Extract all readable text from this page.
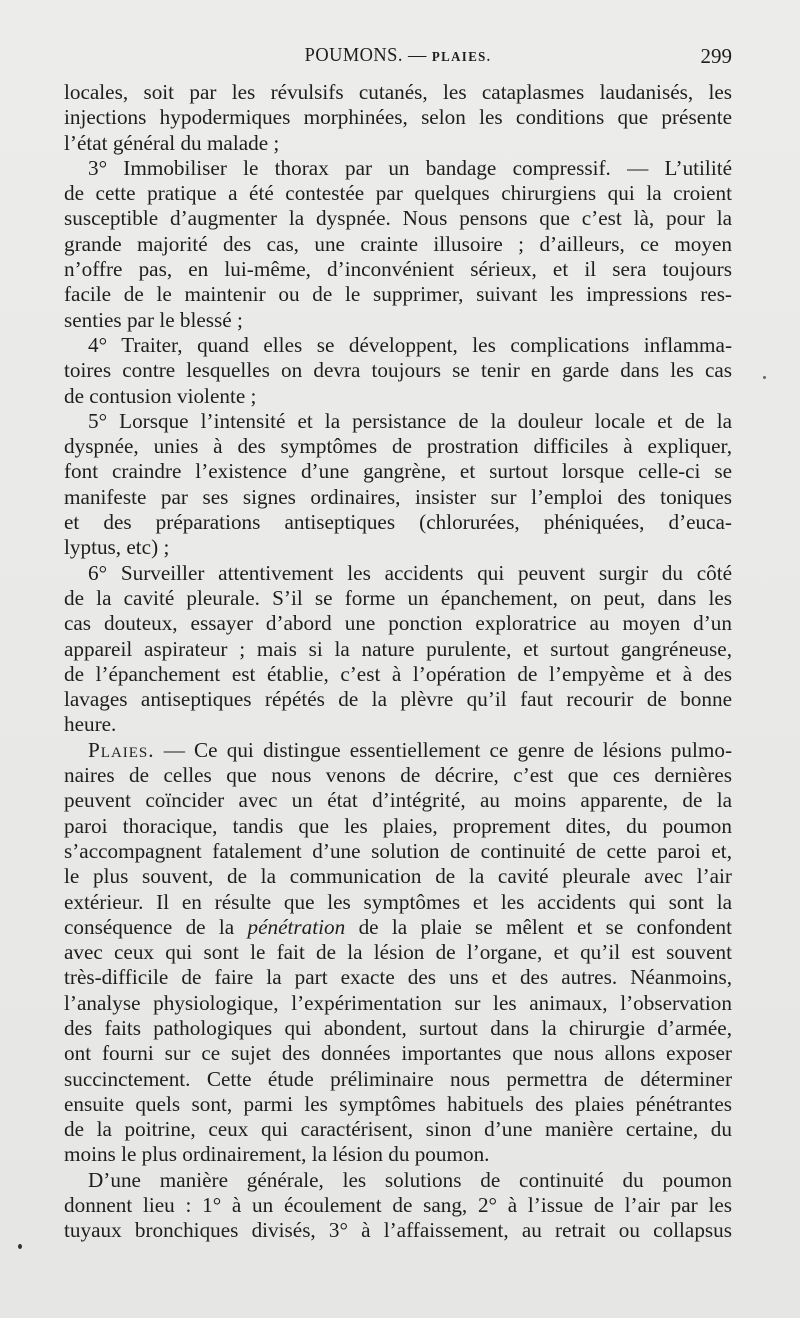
POUMONS. — PLAIES.	299
locales, soit par les révulsifs cutanés, les cataplasmes laudanisés, les
injections hypodermiques morphinées, selon les conditions que présente
l’état général du malade ;
3° Immobiliser le thorax par un bandage compressif. — L’utilité
de cette pratique a été contestée par quelques chirurgiens qui la croient
susceptible d’augmenter la dyspnée. Nous pensons que c’est là, pour la
grande majorité des cas, une crainte illusoire ; d’ailleurs, ce moyen
n’offre pas, en lui-même, d’inconvénient sérieux, et il sera toujours
facile de le maintenir ou de le supprimer, suivant les impressions res-
senties par le blessé ;
4° Traiter, quand elles se développent, les complications inflamma-
toires contre lesquelles on devra toujours se tenir en garde dans les cas
de contusion violente ;
5° Lorsque l’intensité et la persistance de la douleur locale et de la
dyspnée, unies à des symptômes de prostration difficiles à expliquer,
font craindre l’existence d’une gangrène, et surtout lorsque celle-ci se
manifeste par ses signes ordinaires, insister sur l’emploi des toniques
et des préparations antiseptiques (chlorurées, phéniquées, d’euca-
lyptus, etc) ;
6° Surveiller attentivement les accidents qui peuvent surgir du côté
de la cavité pleurale. S’il se forme un épanchement, on peut, dans les
cas douteux, essayer d’abord une ponction exploratrice au moyen d’un
appareil aspirateur ; mais si la nature purulente, et surtout gangréneuse,
de l’épanchement est établie, c’est à l’opération de l’empyème et à des
lavages antiseptiques répétés de la plèvre qu’il faut recourir de bonne
heure.
Plaies. — Ce qui distingue essentiellement ce genre de lésions pulmo-
naires de celles que nous venons de décrire, c’est que ces dernières
peuvent coïncider avec un état d’intégrité, au moins apparente, de la
paroi thoracique, tandis que les plaies, proprement dites, du poumon
s’accompagnent fatalement d’une solution de continuité de cette paroi et,
le plus souvent, de la communication de la cavité pleurale avec l’air
extérieur. Il en résulte que les symptômes et les accidents qui sont la
conséquence de la pénétration de la plaie se mêlent et se confondent
avec ceux qui sont le fait de la lésion de l’organe, et qu’il est souvent
très-difficile de faire la part exacte des uns et des autres. Néanmoins,
l’analyse physiologique, l’expérimentation sur les animaux, l’observation
des faits pathologiques qui abondent, surtout dans la chirurgie d’armée,
ont fourni sur ce sujet des données importantes que nous allons exposer
succinctement. Cette étude préliminaire nous permettra de déterminer
ensuite quels sont, parmi les symptômes habituels des plaies pénétrantes
de la poitrine, ceux qui caractérisent, sinon d’une manière certaine, du
moins le plus ordinairement, la lésion du poumon.
D’une manière générale, les solutions de continuité du poumon
donnent lieu : 1° à un écoulement de sang, 2° à l’issue de l’air par les
tuyaux bronchiques divisés, 3° à l’affaissement, au retrait ou collapsus
